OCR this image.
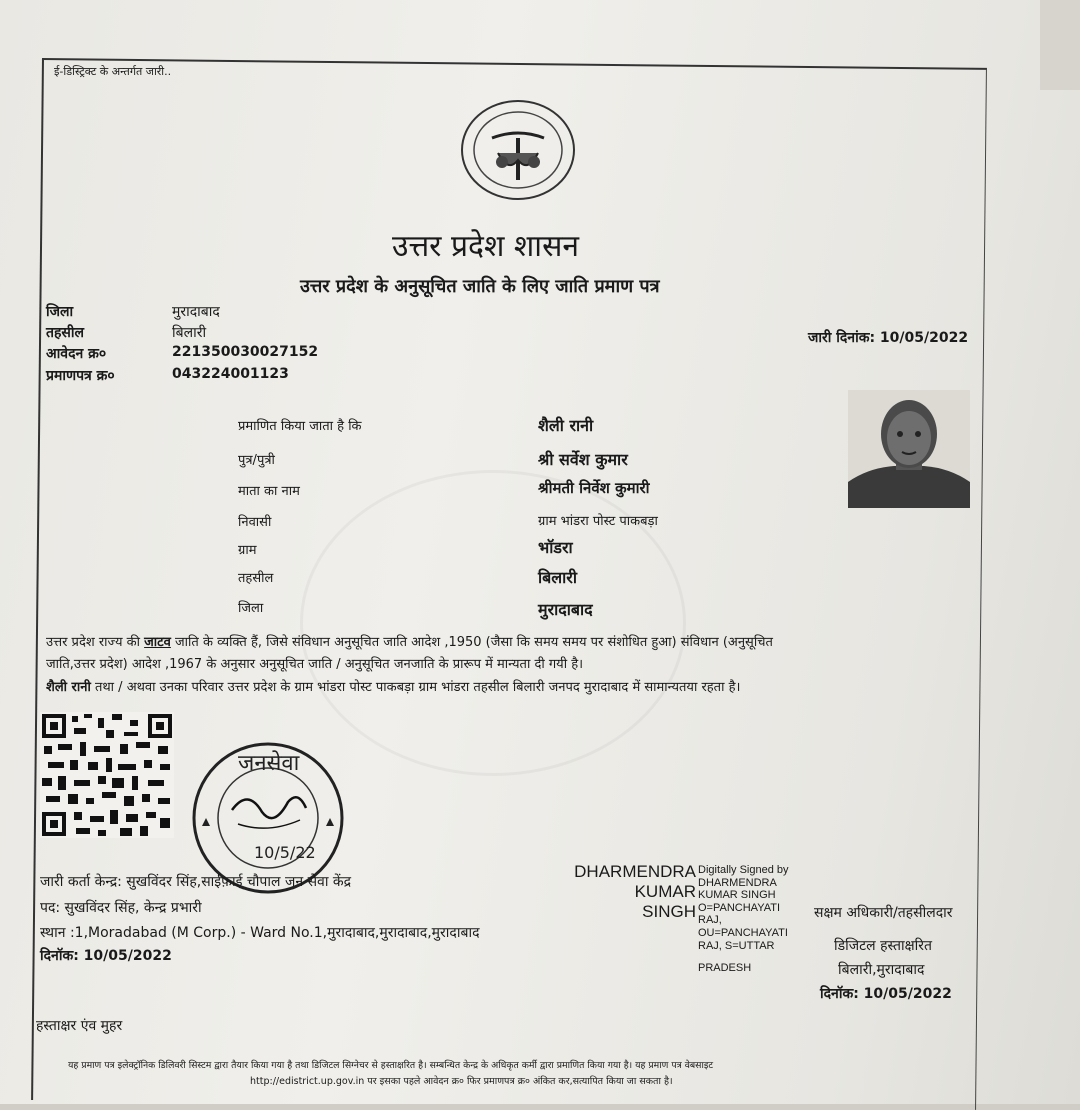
ई-डिस्ट्रिक्ट के अन्तर्गत जारी..
उत्तर प्रदेश शासन
उत्तर प्रदेश के अनुसूचित जाति के लिए जाति प्रमाण पत्र
जिला	मुरादाबाद
तहसील	बिलारी
आवेदन क्र०	221350030027152
प्रमाणपत्र क्र०	043224001123
जारी दिनांक: 10/05/2022
प्रमाणित किया जाता है कि	शैली रानी
पुत्र/पुत्री	श्री सर्वेश कुमार
माता का नाम	श्रीमती निर्वेश कुमारी
निवासी	ग्राम भांडरा पोस्ट पाकबड़ा
ग्राम	भॉडरा
तहसील	बिलारी
जिला	मुरादाबाद
उत्तर प्रदेश राज्य की जाटव जाति के व्यक्ति हैं, जिसे संविधान अनुसूचित जाति आदेश ,1950 (जैसा कि समय समय पर संशोधित हुआ) संविधान (अनुसूचित
जाति,उत्तर प्रदेश) आदेश ,1967 के अनुसार अनुसूचित जाति / अनुसूचित जनजाति के प्रारूप में मान्यता दी गयी है।
शैली रानी तथा / अथवा उनका परिवार उत्तर प्रदेश के ग्राम भांडरा पोस्ट पाकबड़ा ग्राम भांडरा तहसील बिलारी जनपद मुरादाबाद में सामान्यतया रहता है।
जनसेवा
10/5/22
जारी कर्ता केन्द्र: सुखविंदर सिंह,साईफ़ाई चौपाल जन सेवा केंद्र
पद: सुखविंदर सिंह, केन्द्र प्रभारी
स्थान :1,Moradabad (M Corp.) - Ward No.1,मुरादाबाद,मुरादाबाद,मुरादाबाद
दिनॉक: 10/05/2022
हस्ताक्षर एंव मुहर
DHARMENDRA
KUMAR
SINGH
Digitally Signed by
DHARMENDRA
KUMAR SINGH
O=PANCHAYATI
RAJ,
OU=PANCHAYATI
RAJ, S=UTTAR
PRADESH
सक्षम अधिकारी/तहसीलदार
डिजिटल हस्ताक्षरित
बिलारी,मुरादाबाद
दिनॉक: 10/05/2022
यह प्रमाण पत्र इलेक्ट्रॉनिक डिलिवरी सिस्टम द्वारा तैयार किया गया है तथा डिजिटल सिग्नेचर से हस्ताक्षरित है। सम्बन्धित केन्द्र के अधिकृत कर्मी द्वारा प्रमाणित किया गया है। यह प्रमाण पत्र वेबसाइट
http://edistrict.up.gov.in पर इसका पहले आवेदन क्र० फिर प्रमाणपत्र क्र० अंकित कर,सत्यापित किया जा सकता है।
